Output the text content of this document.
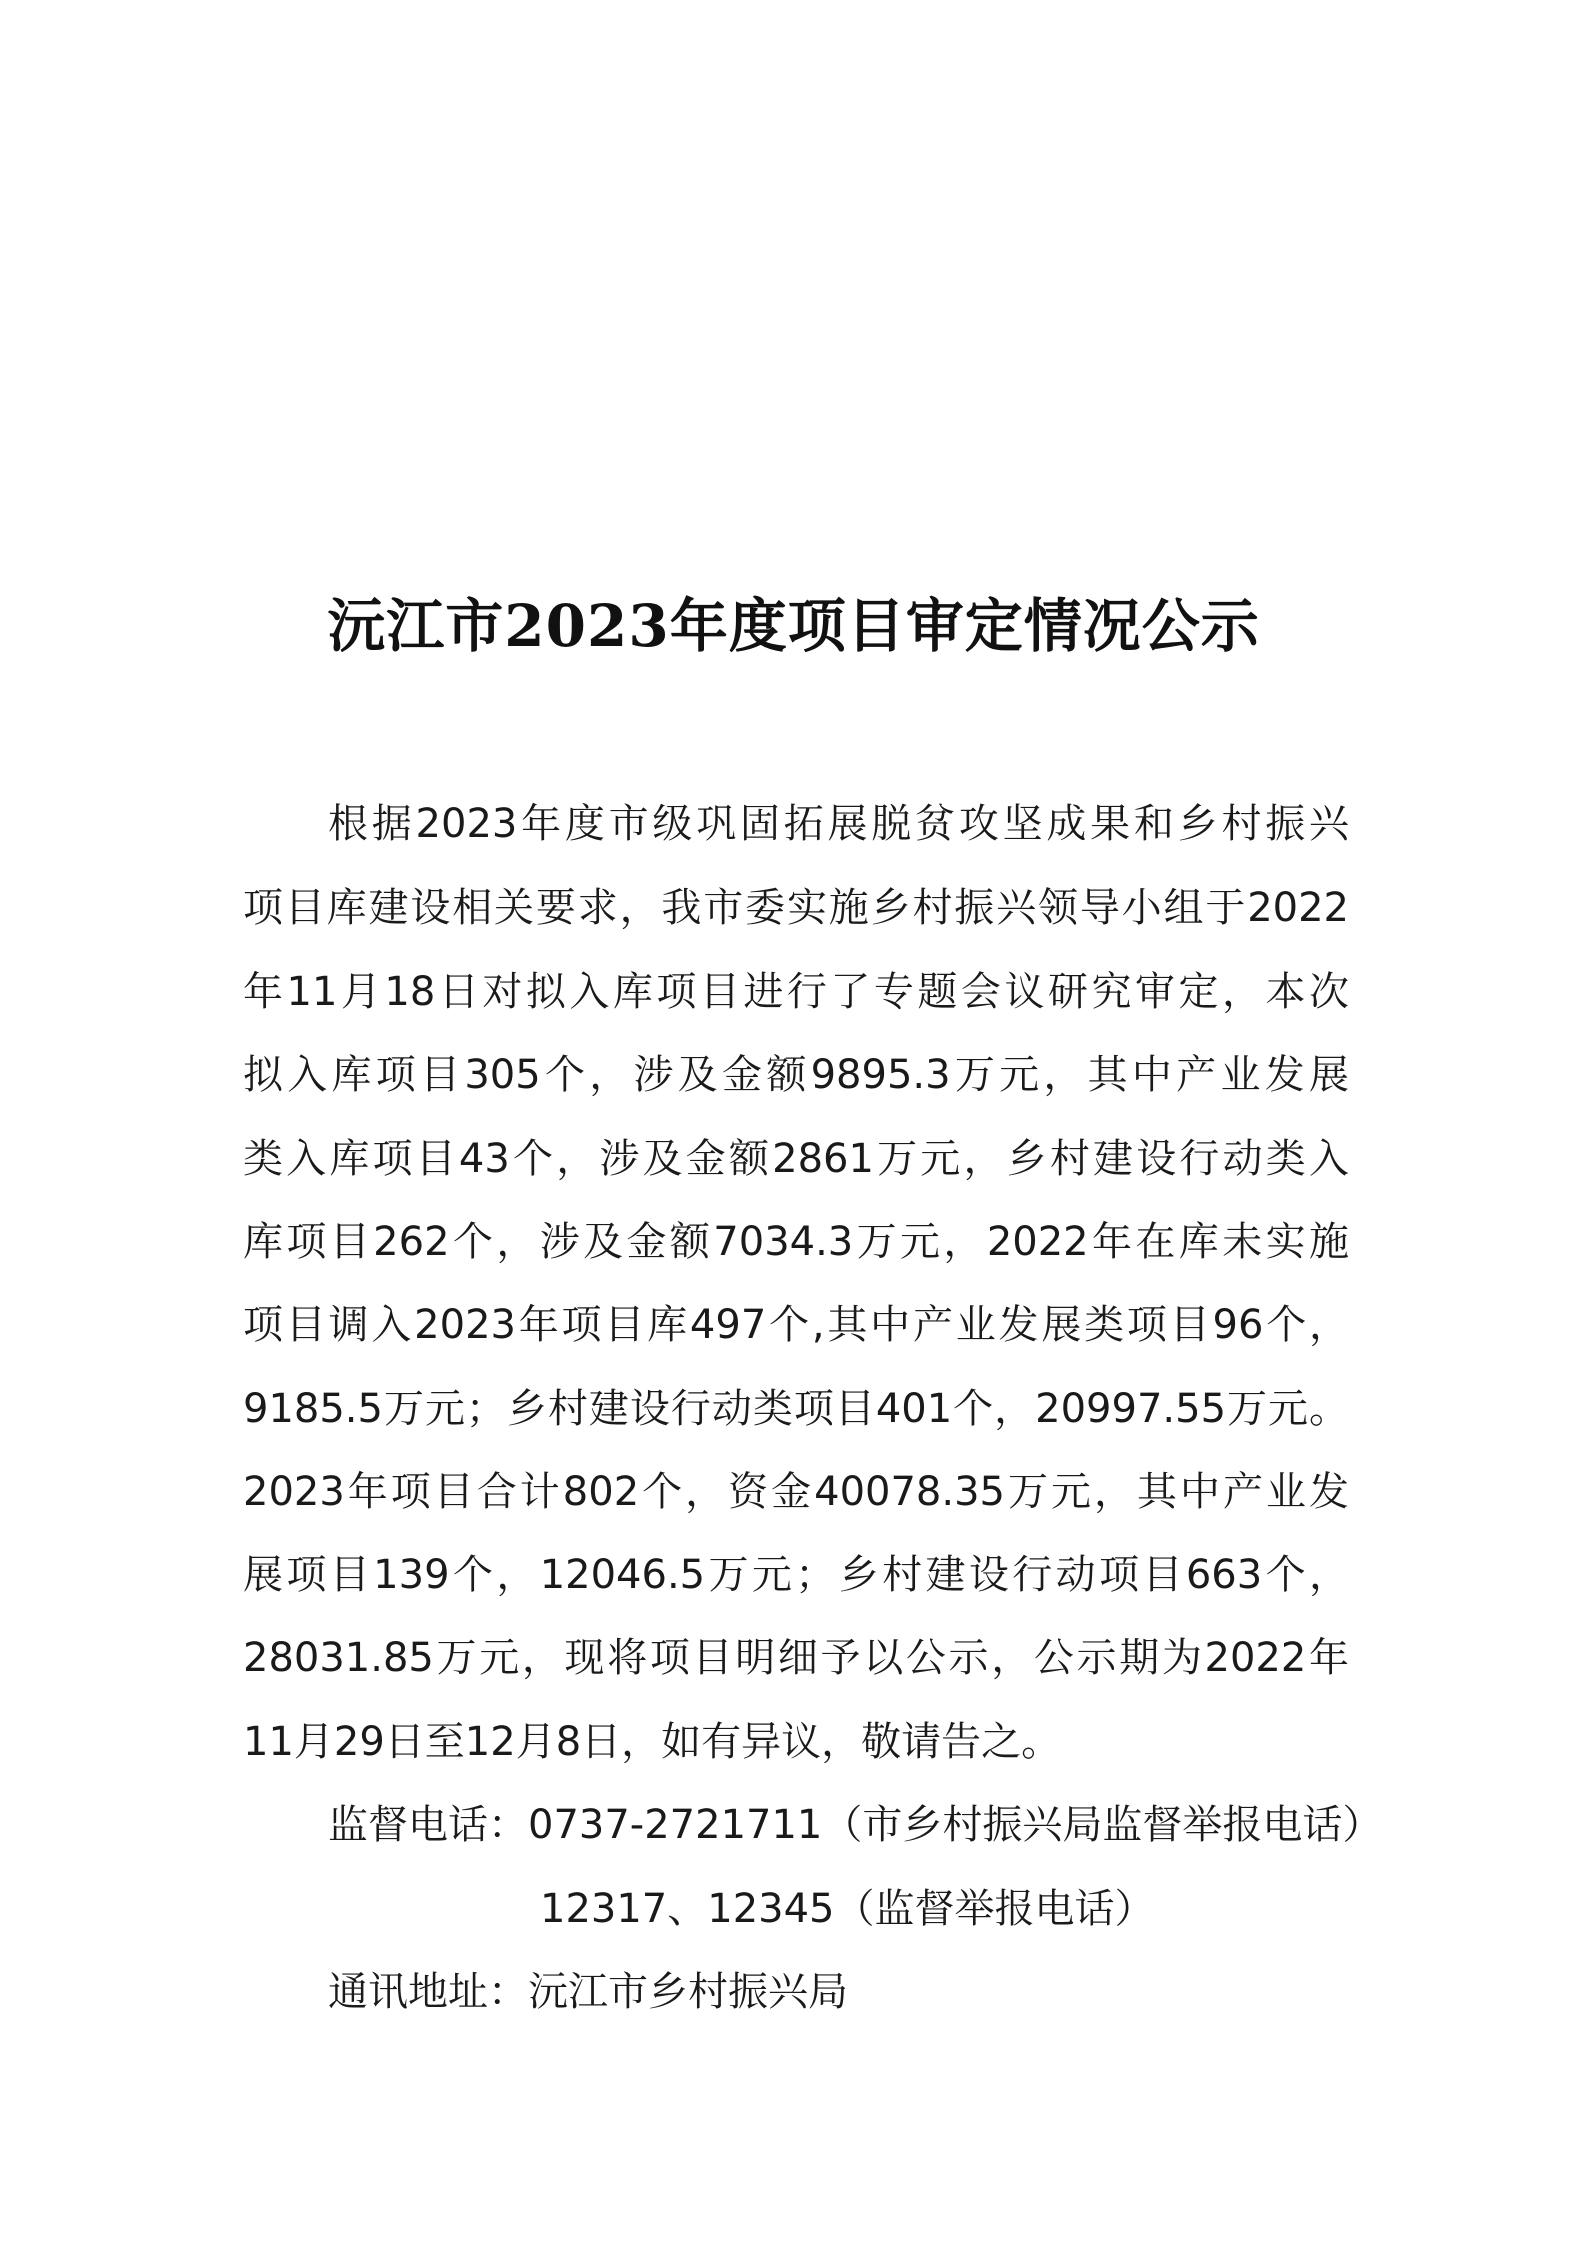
沅江市2023年度项目审定情况公示
根据2023年度市级巩固拓展脱贫攻坚成果和乡村振兴
项目库建设相关要求，我市委实施乡村振兴领导小组于2022
年11月18日对拟入库项目进行了专题会议研究审定，本次
拟入库项目305个，涉及金额9895.3万元，其中产业发展
类入库项目43个，涉及金额2861万元，乡村建设行动类入
库项目262个，涉及金额7034.3万元，2022年在库未实施
项目调入2023年项目库497个,其中产业发展类项目96个，
9185.5万元；乡村建设行动类项目401个，20997.55万元。
2023年项目合计802个，资金40078.35万元，其中产业发
展项目139个，12046.5万元；乡村建设行动项目663个，
28031.85万元，现将项目明细予以公示，公示期为2022年
11月29日至12月8日，如有异议，敬请告之。
监督电话：0737-2721711（市乡村振兴局监督举报电话）
12317、12345（监督举报电话）
通讯地址：沅江市乡村振兴局
